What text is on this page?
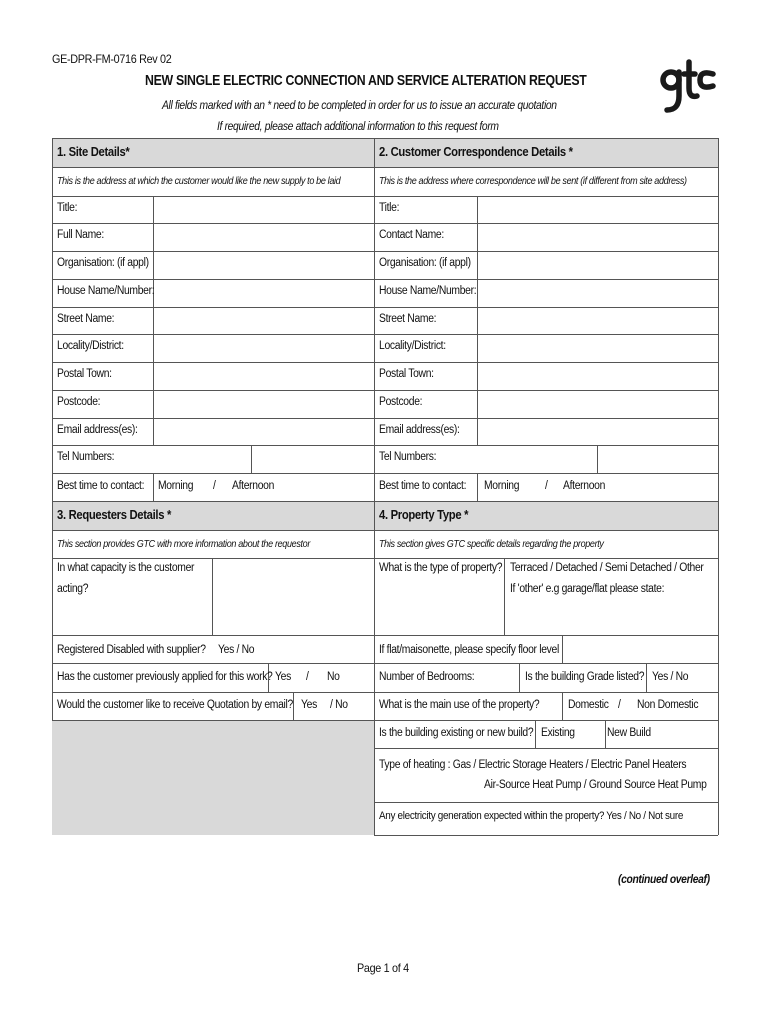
GE-DPR-FM-0716 Rev 02
NEW SINGLE ELECTRIC CONNECTION AND SERVICE ALTERATION REQUEST
All fields marked with an * need to be completed in order for us to issue an accurate quotation
If required, please attach additional information to this request form
1. Site Details*
This is the address at which the customer would like the new supply to be laid
Title:
Full Name:
Organisation: (if appl)
House Name/Number:
Street Name:
Locality/District:
Postal Town:
Postcode:
Email address(es):
Tel Numbers:
Best time to contact: Morning / Afternoon
2. Customer Correspondence Details *
This is the address where correspondence will be sent (if different from site address)
Title:
Contact Name:
Organisation: (if appl)
House Name/Number:
Street Name:
Locality/District:
Postal Town:
Postcode:
Email address(es):
Tel Numbers:
Best time to contact: Morning / Afternoon
3. Requesters Details *
This section provides GTC with more information about the requestor
In what capacity is the customer
acting?
Registered Disabled with supplier? Yes / No
Has the customer previously applied for this work? Yes / No
Would the customer like to receive Quotation by email? Yes / No
4. Property Type *
This section gives GTC specific details regarding the property
What is the type of property? Terraced / Detached / Semi Detached / Other
If 'other' e.g garage/flat please state:
If flat/maisonette, please specify floor level
Number of Bedrooms:	Is the building Grade listed? Yes / No
What is the main use of the property? Domestic / Non Domestic
Is the building existing or new build? Existing	New Build
Type of heating : Gas / Electric Storage Heaters / Electric Panel Heaters
Air-Source Heat Pump / Ground Source Heat Pump
Any electricity generation expected within the property? Yes / No / Not sure
(continued overleaf)
Page 1 of 4
